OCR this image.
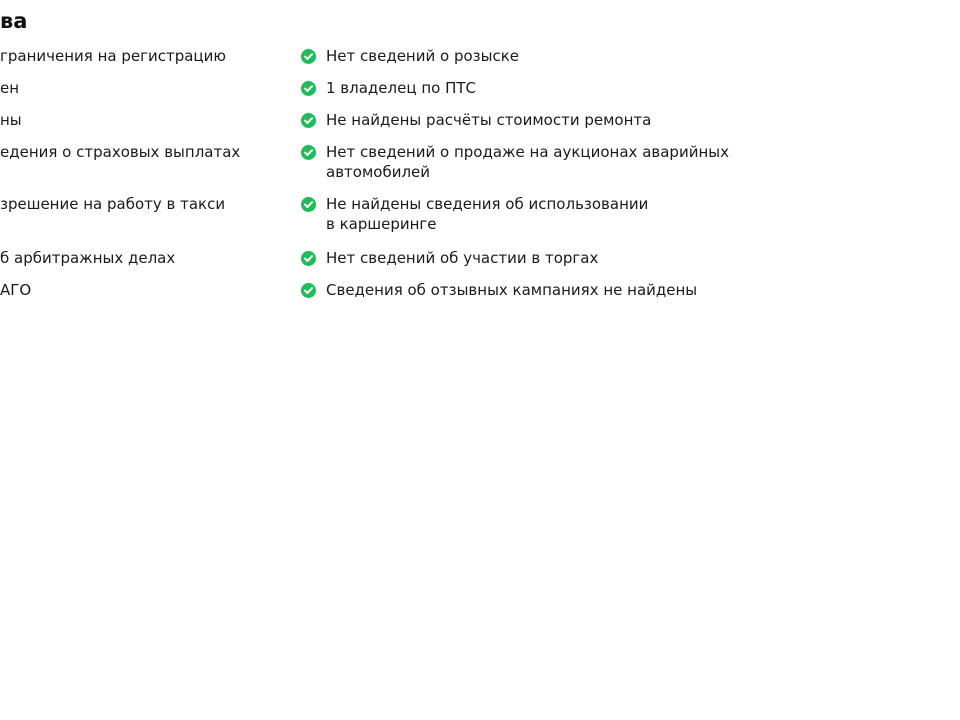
ва
граничения на регистрацию
ен
ны
едения о страховых выплатах
зрешение на работу в такси
б арбитражных делах
АГО
Нет сведений о розыске
1 владелец по ПТС
Не найдены расчёты стоимости ремонта
Нет сведений о продаже на аукционах аварийных автомобилей
Не найдены сведения об использовании в каршеринге
Нет сведений об участии в торгах
Сведения об отзывных кампаниях не найдены
